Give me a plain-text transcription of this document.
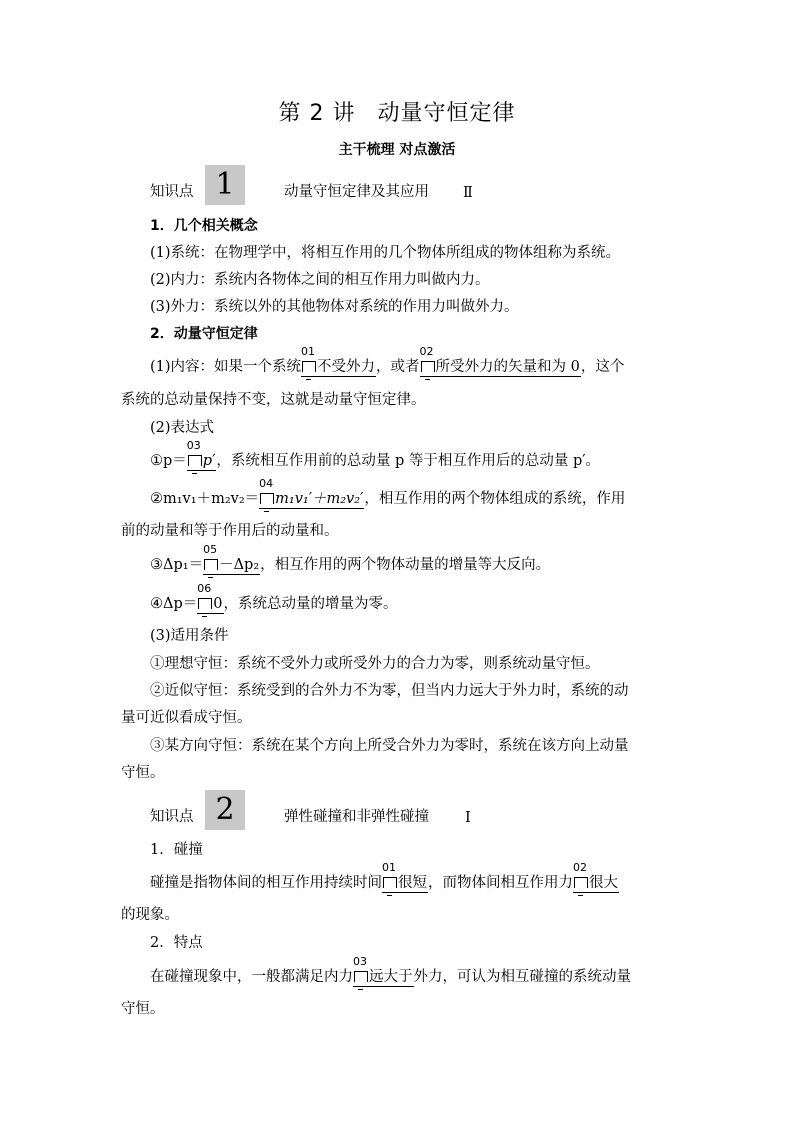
第 2 讲 动量守恒定律
主干梳理 对点激活
知识点 1	动量守恒定律及其应用 Ⅱ
1．几个相关概念
(1)系统：在物理学中，将相互作用的几个物体所组成的物体组称为系统。
(2)内力：系统内各物体之间的相互作用力叫做内力。
(3)外力：系统以外的其他物体对系统的作用力叫做外力。
2．动量守恒定律
(1)内容：如果一个系统
01
不受外力，或者
02
所受外力的矢量和为 0，这个
系统的总动量保持不变，这就是动量守恒定律。
(2)表达式
①p＝
03
p′，系统相互作用前的总动量 p 等于相互作用后的总动量 p′。
②m₁v₁＋m₂v₂＝
04
m₁v₁′＋m₂v₂′，相互作用的两个物体组成的系统，作用
前的动量和等于作用后的动量和。
③Δp₁＝
05
－Δp₂，相互作用的两个物体动量的增量等大反向。
④Δp＝
06
0，系统总动量的增量为零。
(3)适用条件
①理想守恒：系统不受外力或所受外力的合力为零，则系统动量守恒。
②近似守恒：系统受到的合外力不为零，但当内力远大于外力时，系统的动
量可近似看成守恒。
③某方向守恒：系统在某个方向上所受合外力为零时，系统在该方向上动量
守恒。
知识点 2	弹性碰撞和非弹性碰撞 Ⅰ
1．碰撞
碰撞是指物体间的相互作用持续时间
01
很短，而物体间相互作用力
02
很大
的现象。
2．特点
在碰撞现象中，一般都满足内力
03
远大于外力，可认为相互碰撞的系统动量
守恒。
